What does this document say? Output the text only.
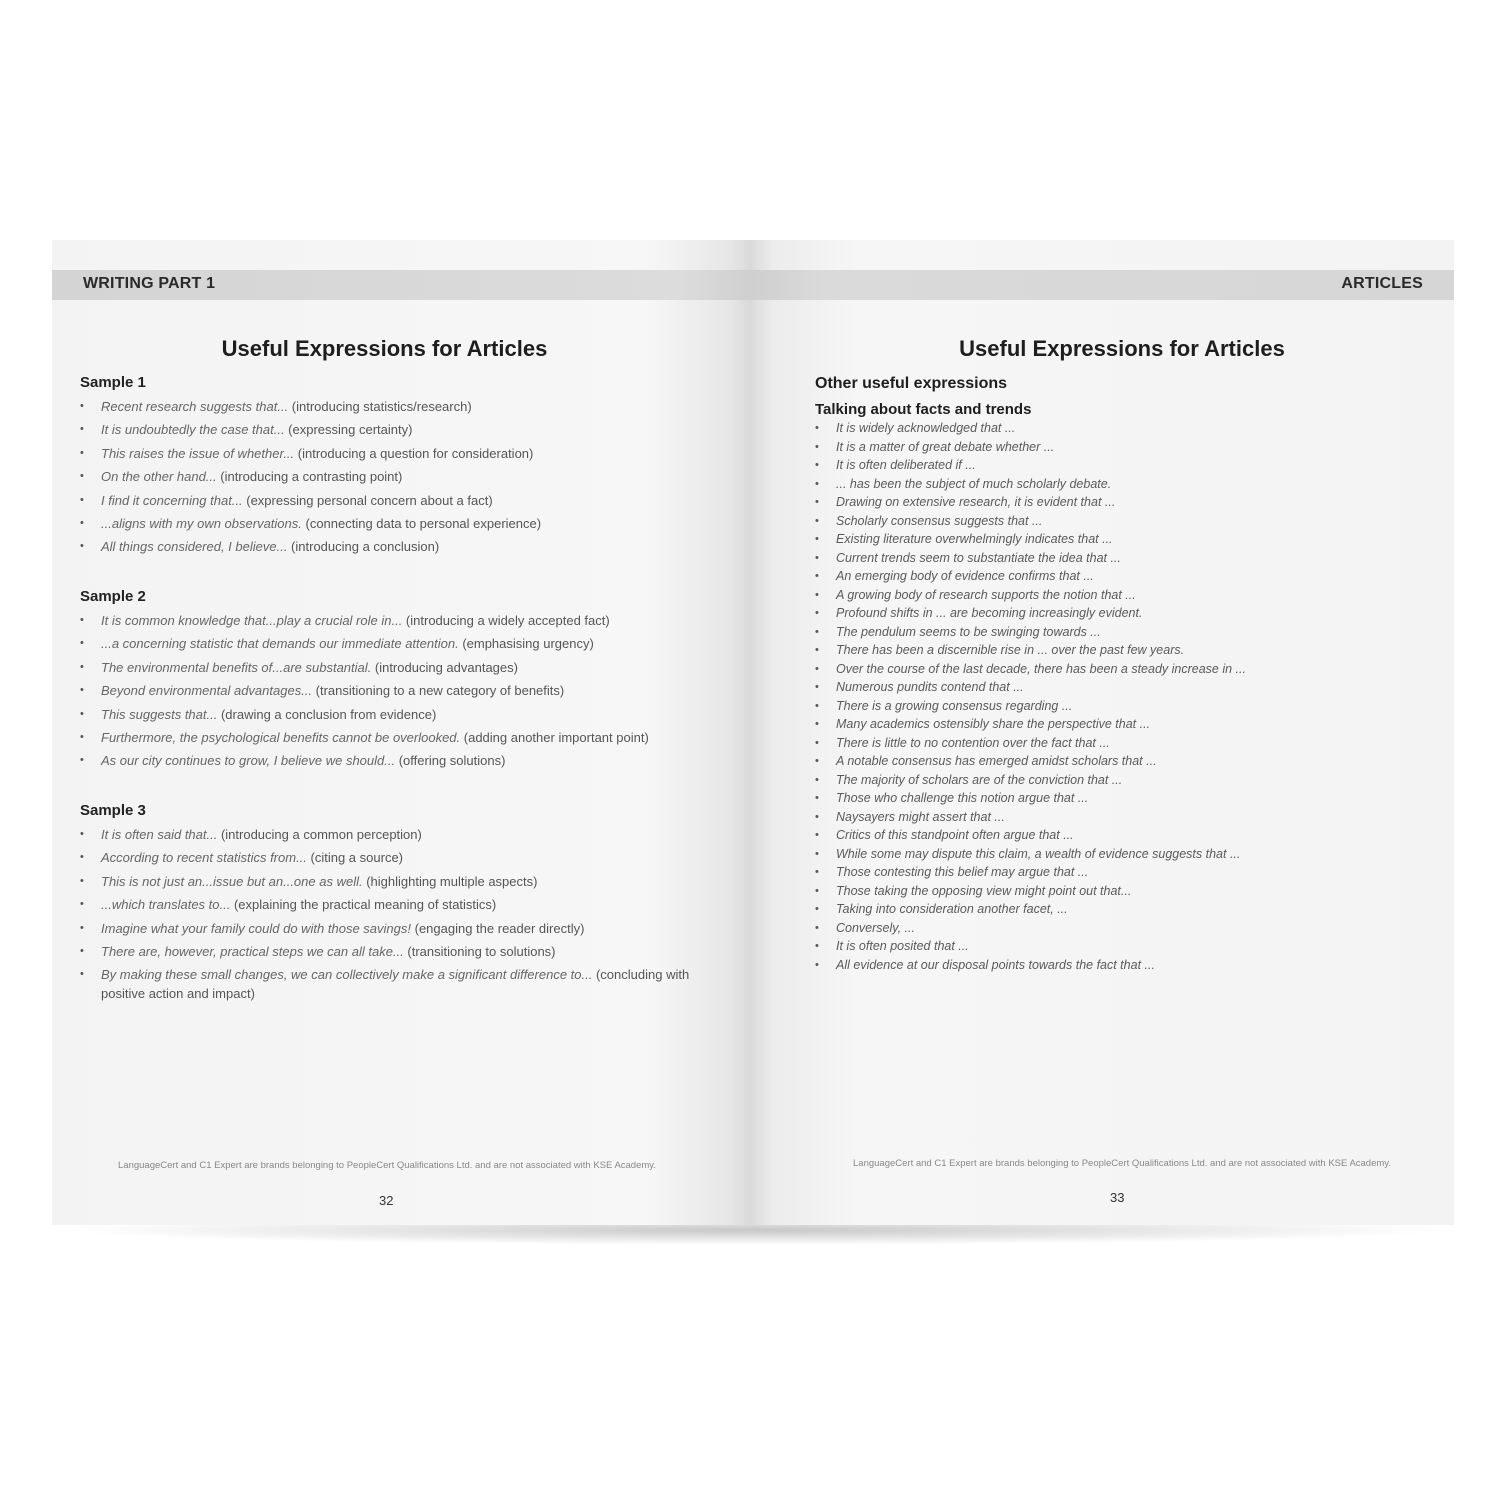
WRITING PART 1
Useful Expressions for Articles
Sample 1
• Recent research suggests that... (introducing statistics/research)
• It is undoubtedly the case that... (expressing certainty)
• This raises the issue of whether... (introducing a question for consideration)
• On the other hand... (introducing a contrasting point)
• I find it concerning that... (expressing personal concern about a fact)
• ...aligns with my own observations. (connecting data to personal experience)
• All things considered, I believe... (introducing a conclusion)
Sample 2
• It is common knowledge that...play a crucial role in... (introducing a widely accepted fact)
• ...a concerning statistic that demands our immediate attention. (emphasising urgency)
• The environmental benefits of...are substantial. (introducing advantages)
• Beyond environmental advantages... (transitioning to a new category of benefits)
• This suggests that... (drawing a conclusion from evidence)
• Furthermore, the psychological benefits cannot be overlooked. (adding another important point)
• As our city continues to grow, I believe we should... (offering solutions)
Sample 3
• It is often said that... (introducing a common perception)
• According to recent statistics from... (citing a source)
• This is not just an...issue but an...one as well. (highlighting multiple aspects)
• ...which translates to... (explaining the practical meaning of statistics)
• Imagine what your family could do with those savings! (engaging the reader directly)
• There are, however, practical steps we can all take... (transitioning to solutions)
• By making these small changes, we can collectively make a significant difference to... (concluding with positive action and impact)
LanguageCert and C1 Expert are brands belonging to PeopleCert Qualifications Ltd. and are not associated with KSE Academy.
32
ARTICLES
Useful Expressions for Articles
Other useful expressions
Talking about facts and trends
• It is widely acknowledged that ...
• It is a matter of great debate whether ...
• It is often deliberated if ...
• ... has been the subject of much scholarly debate.
• Drawing on extensive research, it is evident that ...
• Scholarly consensus suggests that ...
• Existing literature overwhelmingly indicates that ...
• Current trends seem to substantiate the idea that ...
• An emerging body of evidence confirms that ...
• A growing body of research supports the notion that ...
• Profound shifts in ... are becoming increasingly evident.
• The pendulum seems to be swinging towards ...
• There has been a discernible rise in ... over the past few years.
• Over the course of the last decade, there has been a steady increase in ...
• Numerous pundits contend that ...
• There is a growing consensus regarding ...
• Many academics ostensibly share the perspective that ...
• There is little to no contention over the fact that ...
• A notable consensus has emerged amidst scholars that ...
• The majority of scholars are of the conviction that ...
• Those who challenge this notion argue that ...
• Naysayers might assert that ...
• Critics of this standpoint often argue that ...
• While some may dispute this claim, a wealth of evidence suggests that ...
• Those contesting this belief may argue that ...
• Those taking the opposing view might point out that...
• Taking into consideration another facet, ...
• Conversely, ...
• It is often posited that ...
• All evidence at our disposal points towards the fact that ...
LanguageCert and C1 Expert are brands belonging to PeopleCert Qualifications Ltd. and are not associated with KSE Academy.
33
